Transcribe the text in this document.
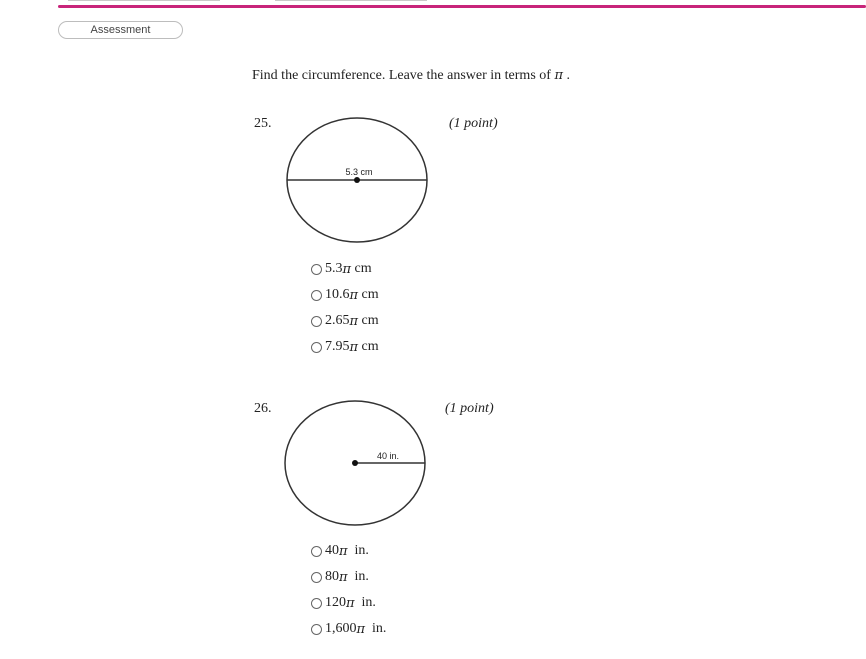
Assessment
Find the circumference. Leave the answer in terms of π .
25.	(1 point)
5.3 cm
5.3 π cm
10.6 π cm
2.65 π cm
7.95 π cm
26.	(1 point)
40 in.
40 π in.
80 π in.
120 π in.
1,600 π in.
